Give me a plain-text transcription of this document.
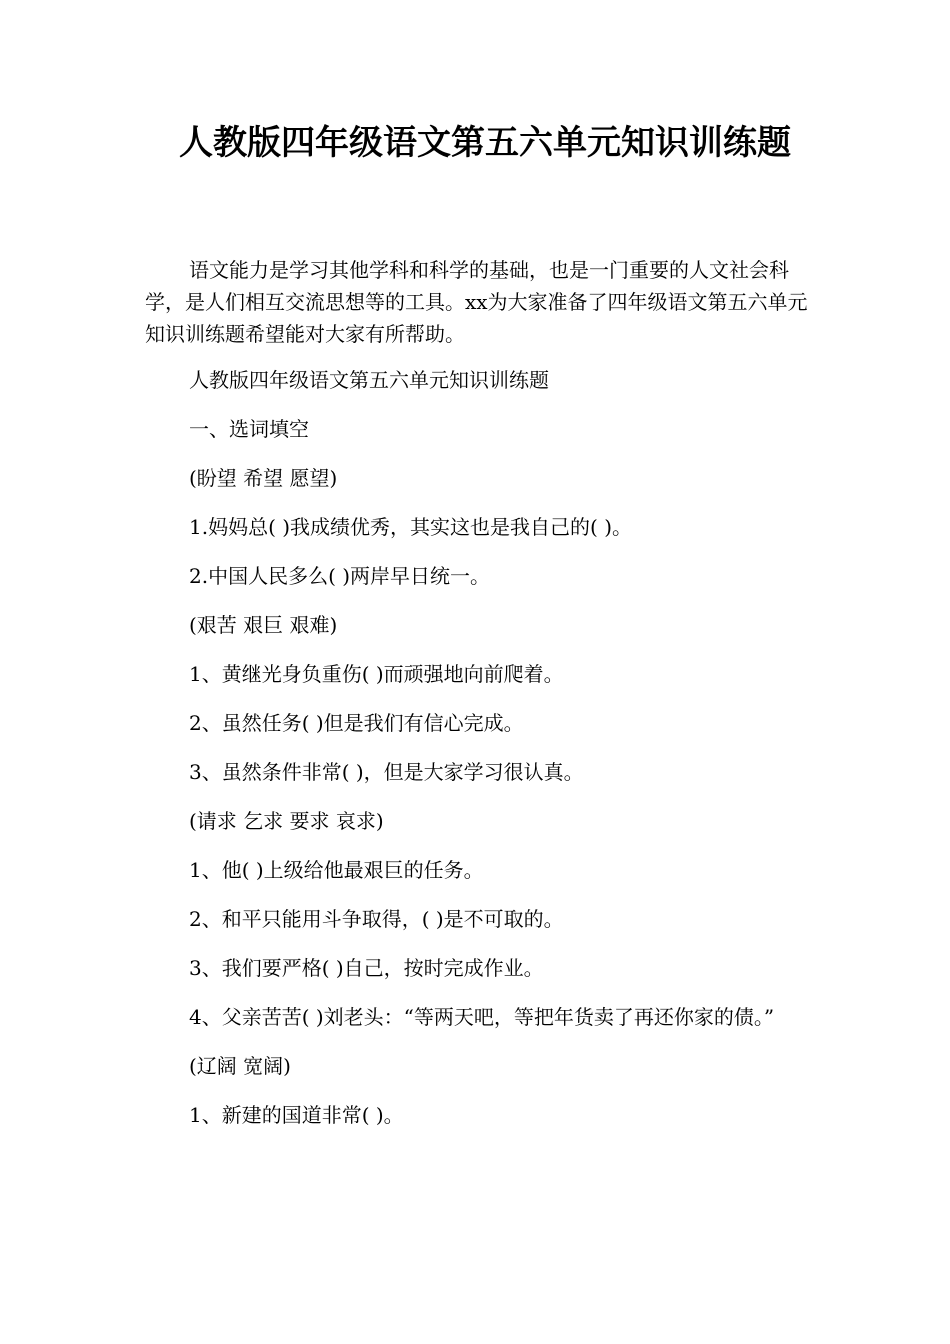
人教版四年级语文第五六单元知识训练题

语文能力是学习其他学科和科学的基础，也是一门重要的人文社会科学，是人们相互交流思想等的工具。xx为大家准备了四年级语文第五六单元知识训练题希望能对大家有所帮助。

人教版四年级语文第五六单元知识训练题

一、选词填空

(盼望 希望 愿望)

1.妈妈总( )我成绩优秀，其实这也是我自己的( )。

2.中国人民多么( )两岸早日统一。

(艰苦 艰巨 艰难)

1、黄继光身负重伤( )而顽强地向前爬着。

2、虽然任务( )但是我们有信心完成。

3、虽然条件非常( )，但是大家学习很认真。

(请求 乞求 要求 哀求)

1、他( )上级给他最艰巨的任务。

2、和平只能用斗争取得，( )是不可取的。

3、我们要严格( )自己，按时完成作业。

4、父亲苦苦( )刘老头：“等两天吧，等把年货卖了再还你家的债。”

(辽阔 宽阔)

1、新建的国道非常( )。
